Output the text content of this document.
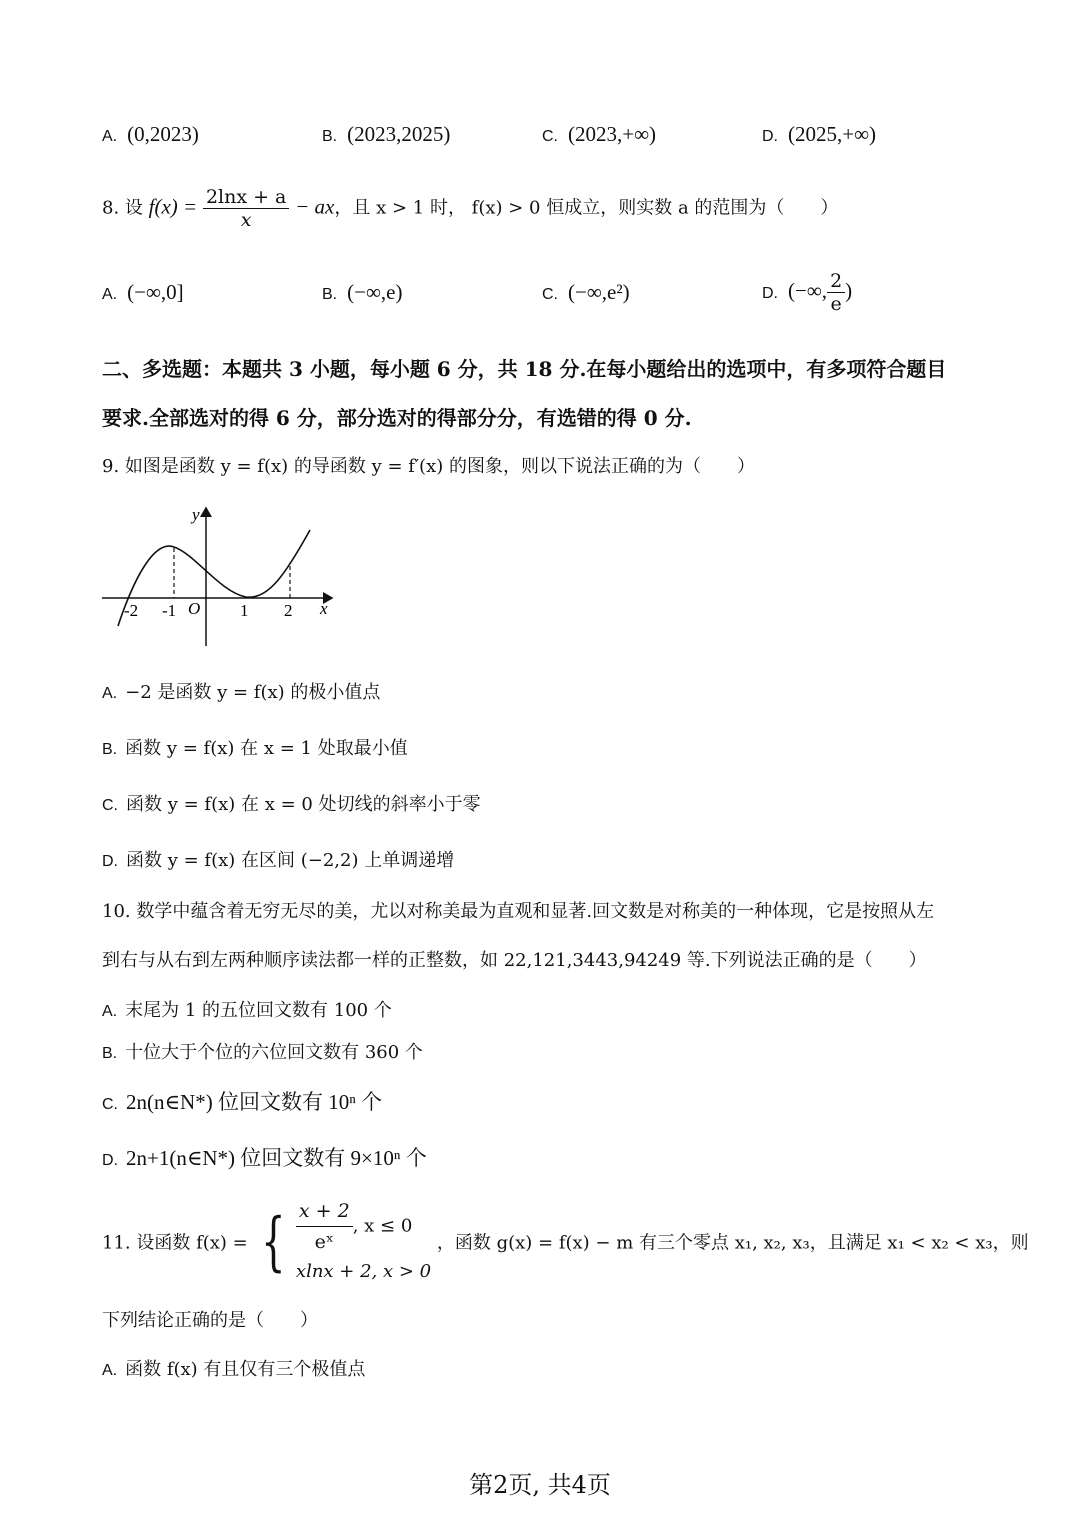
A. (0,2023)	B. (2023,2025)	C. (2023,+∞)	D. (2025,+∞)
8. 设 $f(x) = \frac{2\ln x + a}{x}$ − ax，且 x > 1 时， f(x) > 0 恒成立，则实数 a 的范围为（　　）
A. (−∞,0]	B. (−∞,e)	C. (−∞,e²)	D. (−∞, $\frac{2}{e}$ )
二、多选题：本题共 3 小题，每小题 6 分，共 18 分.在每小题给出的选项中，有多项符合题目
要求.全部选对的得 6 分，部分选对的得部分分，有选错的得 0 分.
9. 如图是函数 y = f(x) 的导函数 y = f′(x) 的图象，则以下说法正确的为（　　）
y
x
O
-2 -1	1 2
A. −2 是函数 y = f(x) 的极小值点
B. 函数 y = f(x) 在 x = 1 处取最小值
C. 函数 y = f(x) 在 x = 0 处切线的斜率小于零
D. 函数 y = f(x) 在区间 (−2,2) 上单调递增
10. 数学中蕴含着无穷无尽的美，尤以对称美最为直观和显著.回文数是对称美的一种体现，它是按照从左
到右与从右到左两种顺序读法都一样的正整数，如 22,121,3443,94249 等.下列说法正确的是（　　）
A. 末尾为 1 的五位回文数有 100 个
B. 十位大于个位的六位回文数有 360 个
C. 2n(n∈N*) 位回文数有 10ⁿ 个
D. 2n+1(n∈N*) 位回文数有 9×10ⁿ 个
11. 设函数 f(x) = { $\frac{x + 2}{\text{eˣ}}$ , x ≤ 0
xlnx + 2, x > 0
，函数 g(x) = f(x) − m 有三个零点 x₁, x₂, x₃，且满足 x₁ < x₂ < x₃，则
下列结论正确的是（　　）
A. 函数 f(x) 有且仅有三个极值点
第2页, 共4页
